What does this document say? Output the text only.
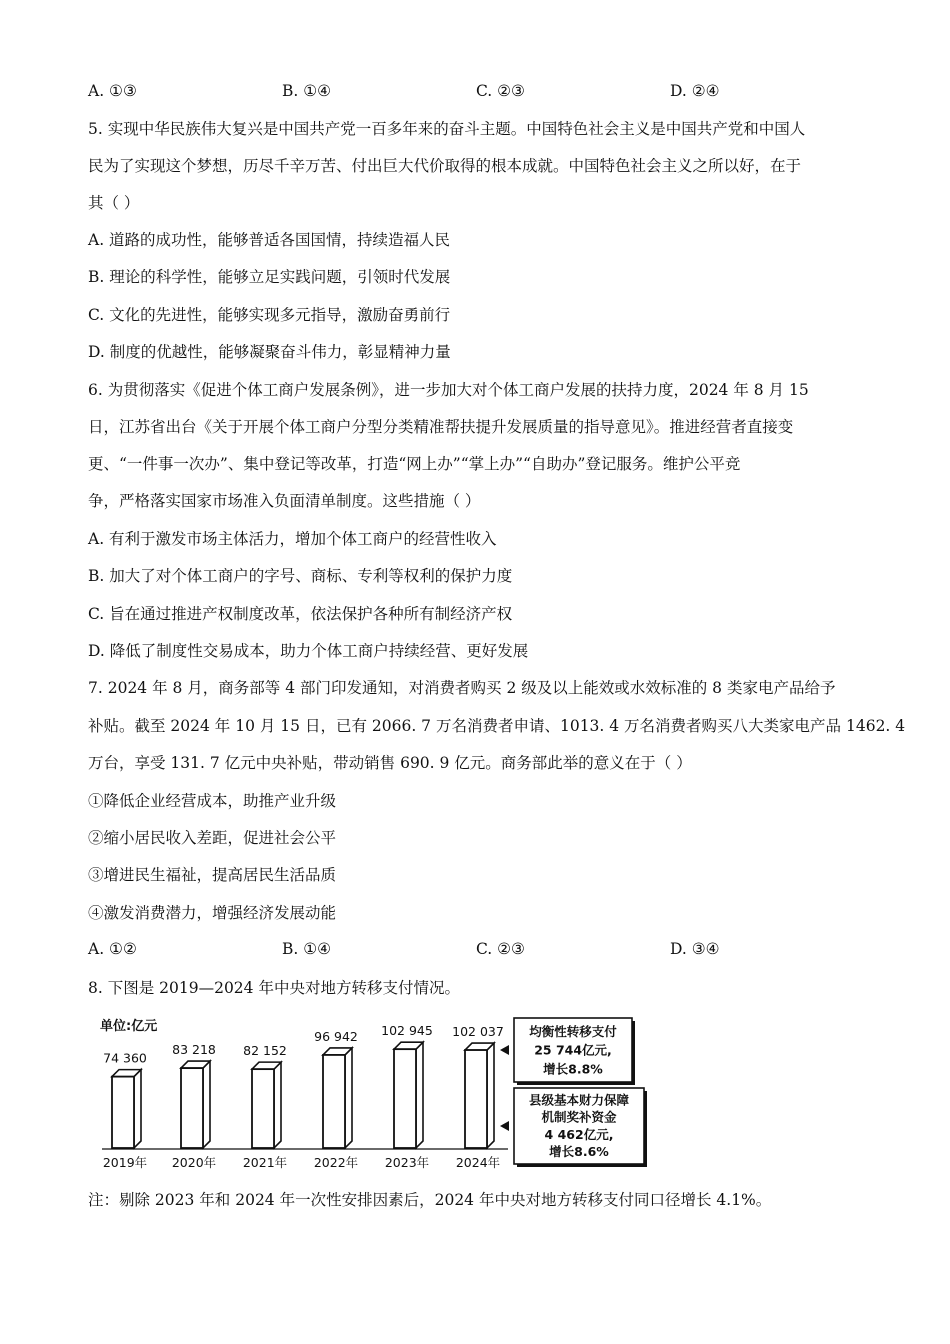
A. ①③	B. ①④	C. ②③	D. ②④
5. 实现中华民族伟大复兴是中国共产党一百多年来的奋斗主题。中国特色社会主义是中国共产党和中国人
民为了实现这个梦想，历尽千辛万苦、付出巨大代价取得的根本成就。中国特色社会主义之所以好，在于
其（ ）
A. 道路的成功性，能够普适各国国情，持续造福人民
B. 理论的科学性，能够立足实践问题，引领时代发展
C. 文化的先进性，能够实现多元指导，激励奋勇前行
D. 制度的优越性，能够凝聚奋斗伟力，彰显精神力量
6. 为贯彻落实《促进个体工商户发展条例》，进一步加大对个体工商户发展的扶持力度，2024 年 8 月 15
日，江苏省出台《关于开展个体工商户分型分类精准帮扶提升发展质量的指导意见》。推进经营者直接变
更、“一件事一次办”、集中登记等改革，打造“网上办”“掌上办”“自助办”登记服务。维护公平竞
争，严格落实国家市场准入负面清单制度。这些措施（ ）
A. 有利于激发市场主体活力，增加个体工商户的经营性收入
B. 加大了对个体工商户的字号、商标、专利等权利的保护力度
C. 旨在通过推进产权制度改革，依法保护各种所有制经济产权
D. 降低了制度性交易成本，助力个体工商户持续经营、更好发展
7. 2024 年 8 月，商务部等 4 部门印发通知，对消费者购买 2 级及以上能效或水效标准的 8 类家电产品给予
补贴。截至 2024 年 10 月 15 日，已有 2066. 7 万名消费者申请、1013. 4 万名消费者购买八大类家电产品 1462. 4
万台，享受 131. 7 亿元中央补贴，带动销售 690. 9 亿元。商务部此举的意义在于（ ）
①降低企业经营成本，助推产业升级
②缩小居民收入差距，促进社会公平
③增进民生福祉，提高居民生活品质
④激发消费潜力，增强经济发展动能
A. ①②	B. ①④	C. ②③	D. ③④
8. 下图是 2019—2024 年中央对地方转移支付情况。
单位:亿元
74 360
2019年
83 218
2020年
82 152
2021年
96 942
2022年
102 945
2023年
102 037
2024年
均衡性转移支付
25 744亿元,
增长8.8%
县级基本财力保障
机制奖补资金
4 462亿元,
增长8.6%
注：剔除 2023 年和 2024 年一次性安排因素后，2024 年中央对地方转移支付同口径增长 4.1%。
